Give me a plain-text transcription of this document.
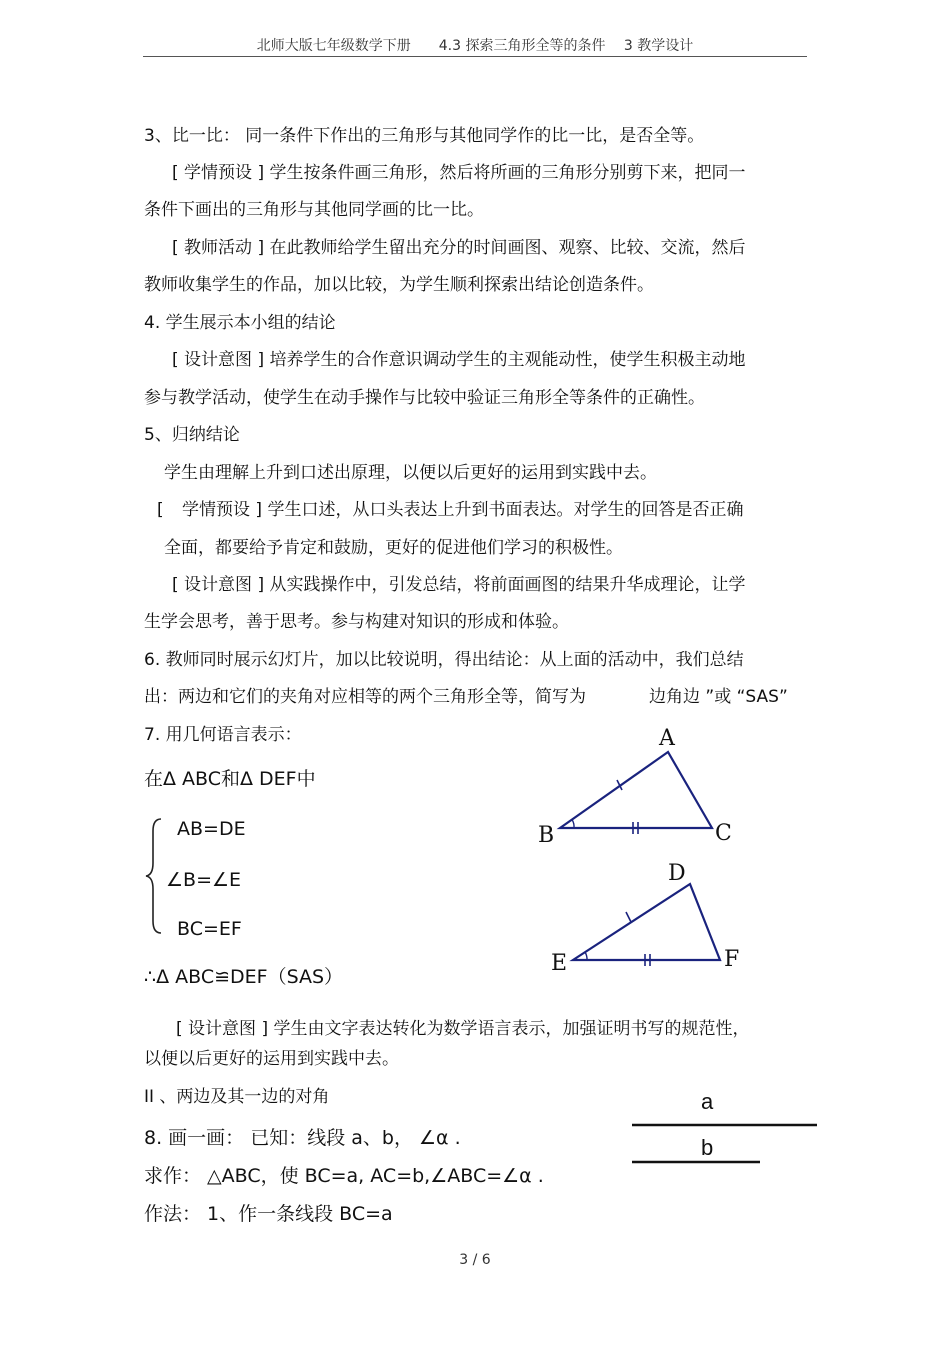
北师大版七年级数学下册　　4.3 探索三角形全等的条件　 3 教学设计
3、比一比： 同一条件下作出的三角形与其他同学作的比一比，是否全等。
[ 学情预设 ] 学生按条件画三角形，然后将所画的三角形分别剪下来，把同一
条件下画出的三角形与其他同学画的比一比。
[ 教师活动 ] 在此教师给学生留出充分的时间画图、观察、比较、交流，然后
教师收集学生的作品，加以比较，为学生顺利探索出结论创造条件。
4. 学生展示本小组的结论
[ 设计意图 ] 培养学生的合作意识调动学生的主观能动性，使学生积极主动地
参与教学活动，使学生在动手操作与比较中验证三角形全等条件的正确性。
5、归纳结论
学生由理解上升到口述出原理，以便以后更好的运用到实践中去。
[ 学情预设 ] 学生口述，从口头表达上升到书面表达。对学生的回答是否正确
全面，都要给予肯定和鼓励，更好的促进他们学习的积极性。
[ 设计意图 ] 从实践操作中，引发总结，将前面画图的结果升华成理论，让学
生学会思考，善于思考。参与构建对知识的形成和体验。
6. 教师同时展示幻灯片，加以比较说明，得出结论：从上面的活动中，我们总结
出：两边和它们的夹角对应相等的两个三角形全等，简写为	边角边 ”或 “SAS”
7. 用几何语言表示：
在Δ ABC和Δ DEF中
AB=DE
∠B=∠E
BC=EF
∴Δ ABC≌DEF（SAS）
A
B	C
D
E	F
[ 设计意图 ] 学生由文字表达转化为数学语言表示，加强证明书写的规范性，
以便以后更好的运用到实践中去。
II 、两边及其一边的对角	a
b
8. 画一画： 已知：线段 a、b， ∠α .
求作： △ABC，使 BC=a, AC=b,∠ABC=∠α .
作法： 1、作一条线段 BC=a
3 / 6
